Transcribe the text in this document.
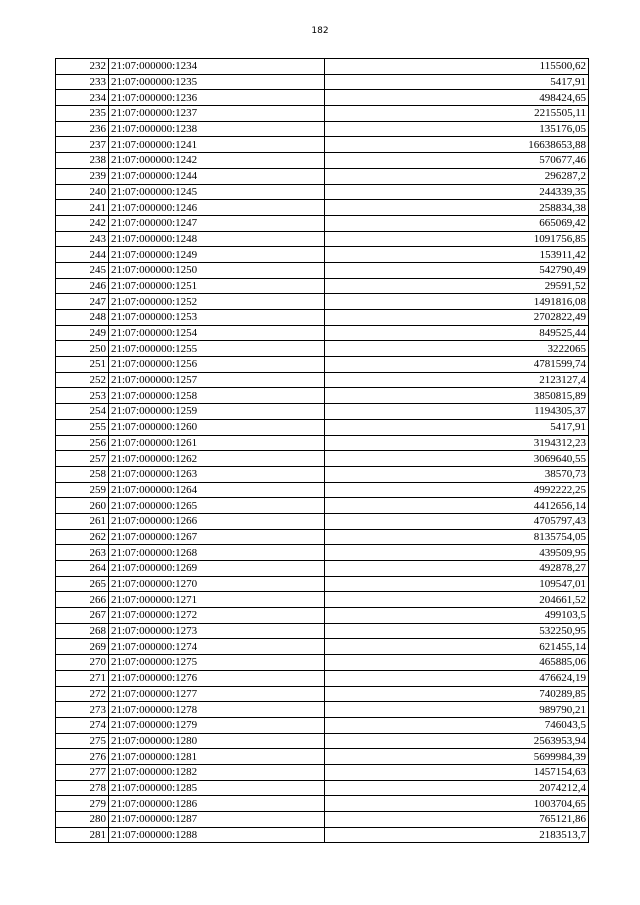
182
232	21:07:000000:1234	115500,62
233	21:07:000000:1235	5417,91
234	21:07:000000:1236	498424,65
235	21:07:000000:1237	2215505,11
236	21:07:000000:1238	135176,05
237	21:07:000000:1241	16638653,88
238	21:07:000000:1242	570677,46
239	21:07:000000:1244	296287,2
240	21:07:000000:1245	244339,35
241	21:07:000000:1246	258834,38
242	21:07:000000:1247	665069,42
243	21:07:000000:1248	1091756,85
244	21:07:000000:1249	153911,42
245	21:07:000000:1250	542790,49
246	21:07:000000:1251	29591,52
247	21:07:000000:1252	1491816,08
248	21:07:000000:1253	2702822,49
249	21:07:000000:1254	849525,44
250	21:07:000000:1255	3222065
251	21:07:000000:1256	4781599,74
252	21:07:000000:1257	2123127,4
253	21:07:000000:1258	3850815,89
254	21:07:000000:1259	1194305,37
255	21:07:000000:1260	5417,91
256	21:07:000000:1261	3194312,23
257	21:07:000000:1262	3069640,55
258	21:07:000000:1263	38570,73
259	21:07:000000:1264	4992222,25
260	21:07:000000:1265	4412656,14
261	21:07:000000:1266	4705797,43
262	21:07:000000:1267	8135754,05
263	21:07:000000:1268	439509,95
264	21:07:000000:1269	492878,27
265	21:07:000000:1270	109547,01
266	21:07:000000:1271	204661,52
267	21:07:000000:1272	499103,5
268	21:07:000000:1273	532250,95
269	21:07:000000:1274	621455,14
270	21:07:000000:1275	465885,06
271	21:07:000000:1276	476624,19
272	21:07:000000:1277	740289,85
273	21:07:000000:1278	989790,21
274	21:07:000000:1279	746043,5
275	21:07:000000:1280	2563953,94
276	21:07:000000:1281	5699984,39
277	21:07:000000:1282	1457154,63
278	21:07:000000:1285	2074212,4
279	21:07:000000:1286	1003704,65
280	21:07:000000:1287	765121,86
281	21:07:000000:1288	2183513,7
